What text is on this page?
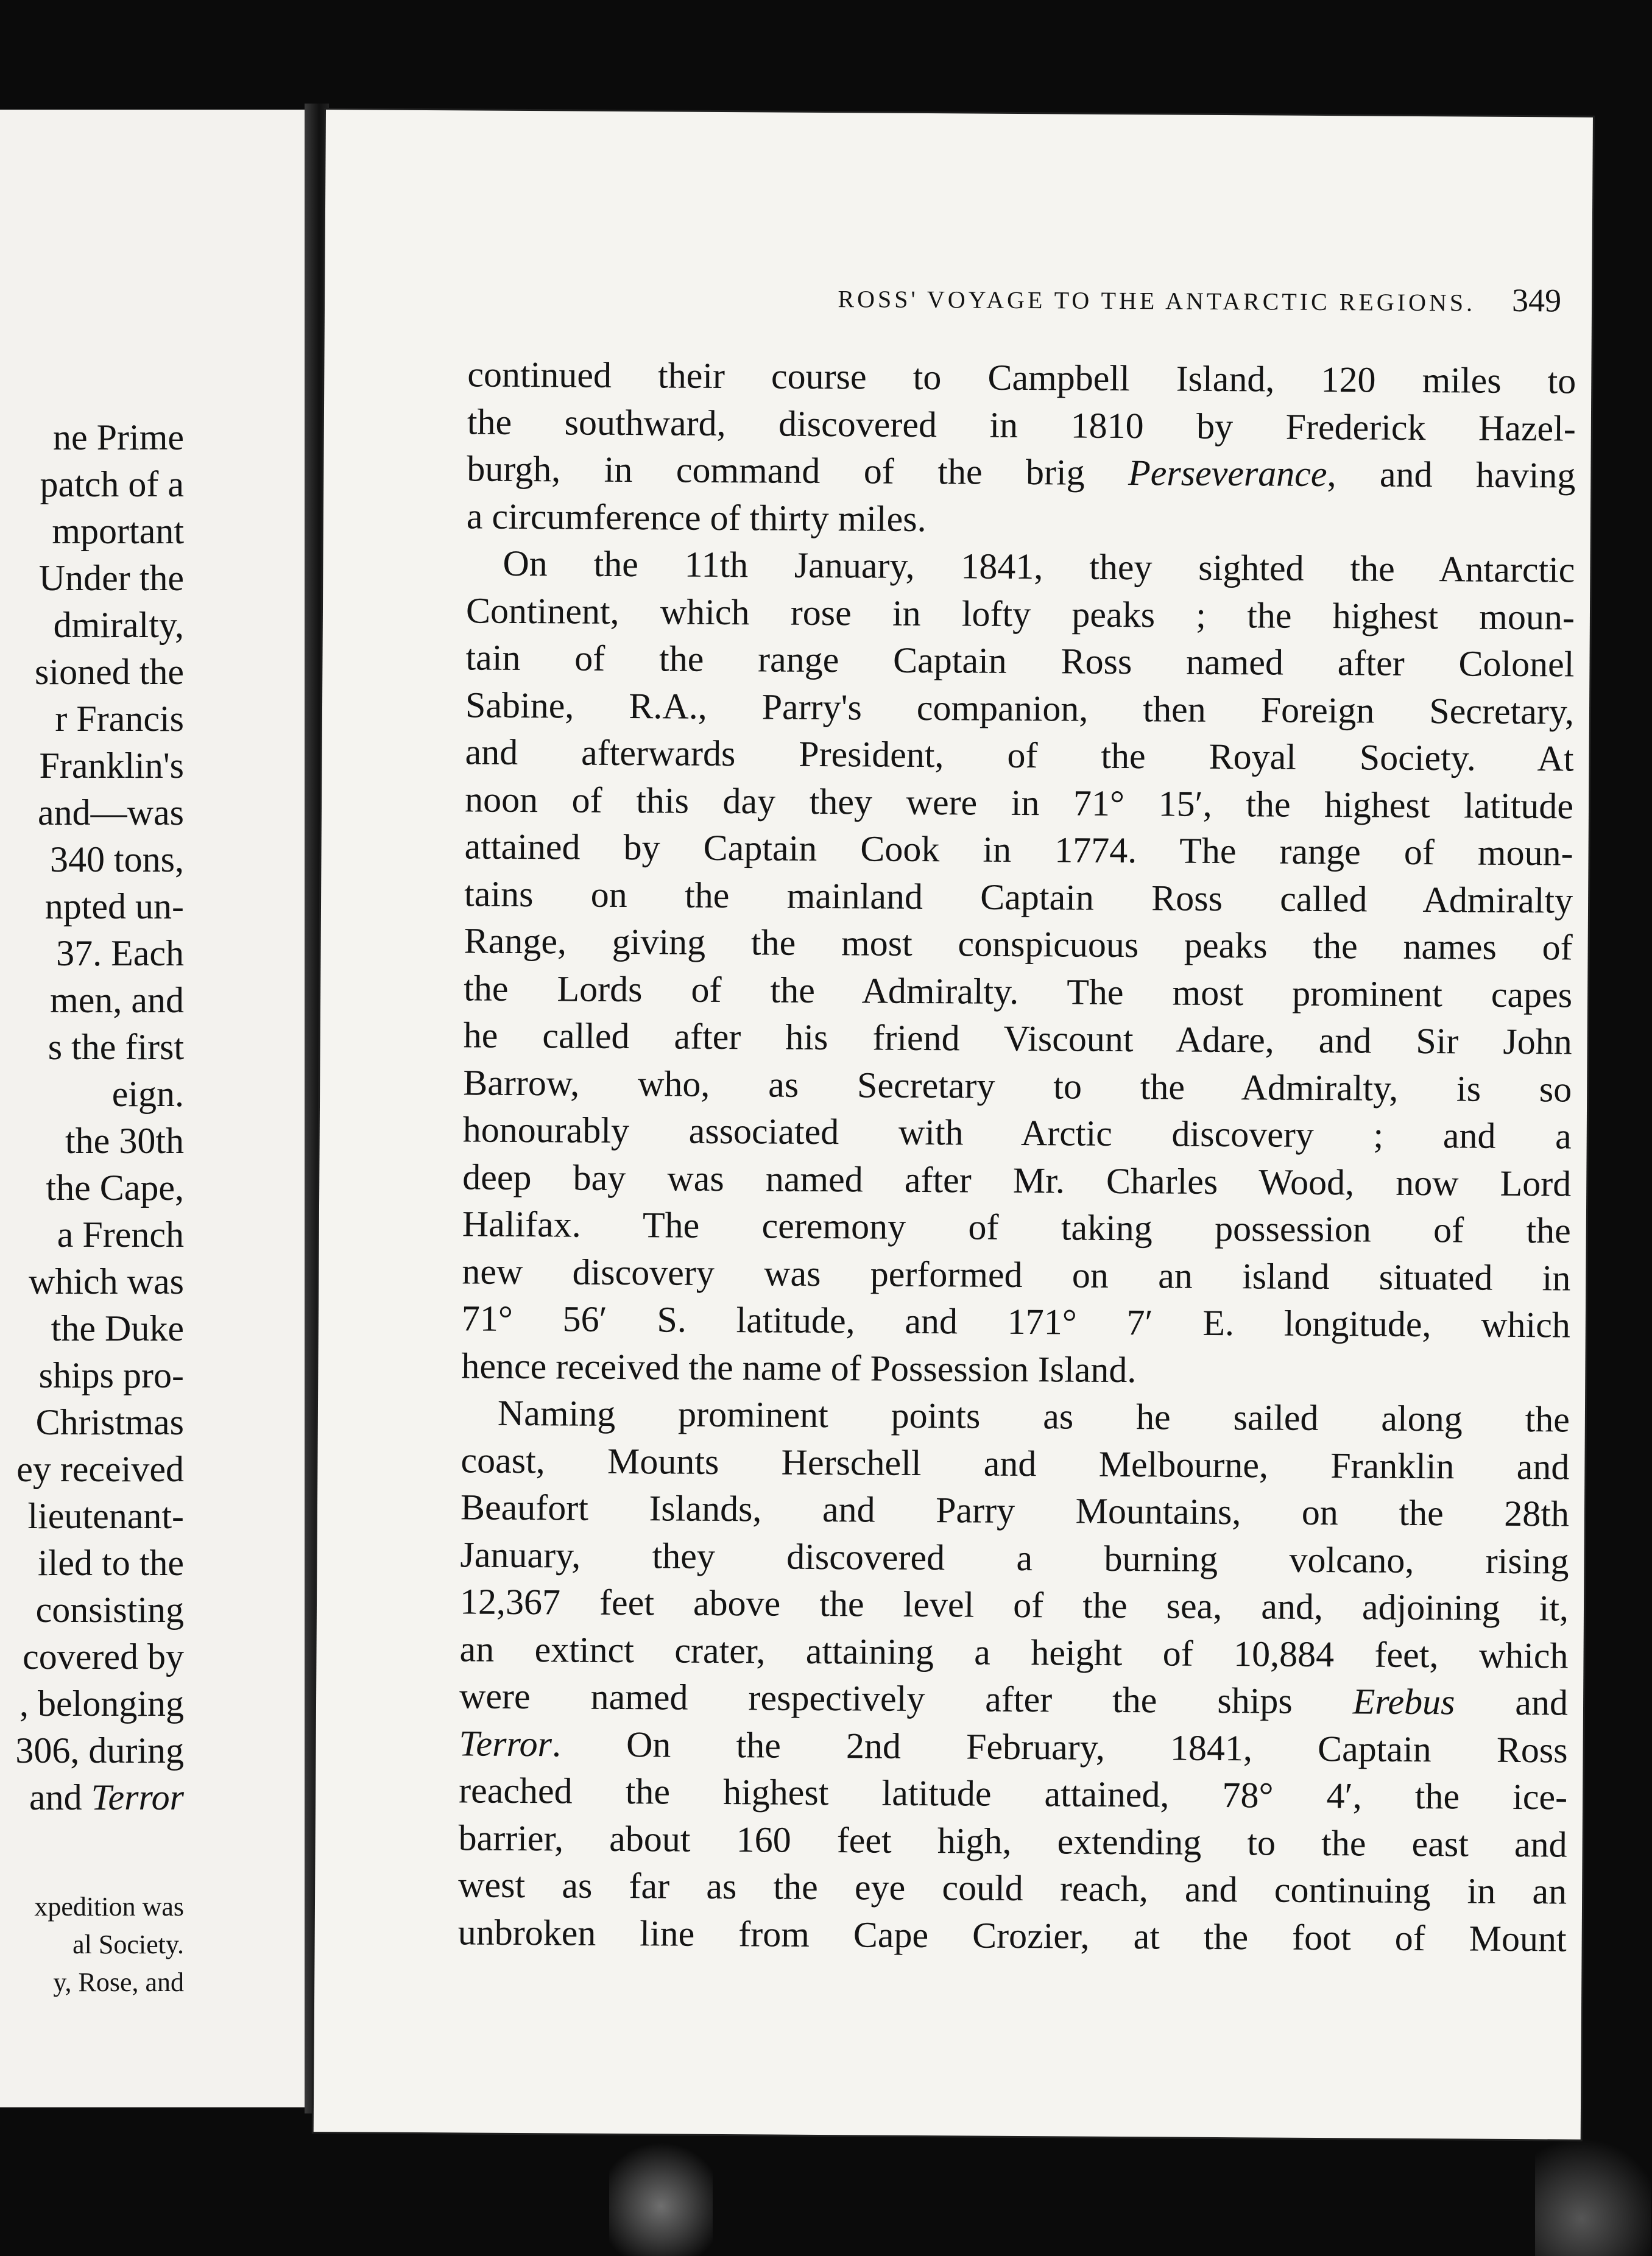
ne Prime
patch of a
mportant
Under the
dmiralty,
sioned the
r Francis
Franklin's
and—was
340 tons,
npted un-
37. Each
men, and
s the first
eign.
the 30th
the Cape,
a French
which was
the Duke
ships pro-
Christmas
ey received
lieutenant-
iled to the
consisting
covered by
, belonging
306, during
and Terror
xpedition was
al Society.
y, Rose, and
ROSS' VOYAGE TO THE ANTARCTIC REGIONS. 349
continued their course to Campbell Island, 120 miles to
the southward, discovered in 1810 by Frederick Hazel-
burgh, in command of the brig Perseverance, and having
a circumference of thirty miles.
On the 11th January, 1841, they sighted the Antarctic
Continent, which rose in lofty peaks ; the highest moun-
tain of the range Captain Ross named after Colonel
Sabine, R.A., Parry's companion, then Foreign Secretary,
and afterwards President, of the Royal Society. At
noon of this day they were in 71° 15′, the highest latitude
attained by Captain Cook in 1774. The range of moun-
tains on the mainland Captain Ross called Admiralty
Range, giving the most conspicuous peaks the names of
the Lords of the Admiralty. The most prominent capes
he called after his friend Viscount Adare, and Sir John
Barrow, who, as Secretary to the Admiralty, is so
honourably associated with Arctic discovery ; and a
deep bay was named after Mr. Charles Wood, now Lord
Halifax. The ceremony of taking possession of the
new discovery was performed on an island situated in
71° 56′ S. latitude, and 171° 7′ E. longitude, which
hence received the name of Possession Island.
Naming prominent points as he sailed along the
coast, Mounts Herschell and Melbourne, Franklin and
Beaufort Islands, and Parry Mountains, on the 28th
January, they discovered a burning volcano, rising
12,367 feet above the level of the sea, and, adjoining it,
an extinct crater, attaining a height of 10,884 feet, which
were named respectively after the ships Erebus and
Terror. On the 2nd February, 1841, Captain Ross
reached the highest latitude attained, 78° 4′, the ice-
barrier, about 160 feet high, extending to the east and
west as far as the eye could reach, and continuing in an
unbroken line from Cape Crozier, at the foot of Mount
